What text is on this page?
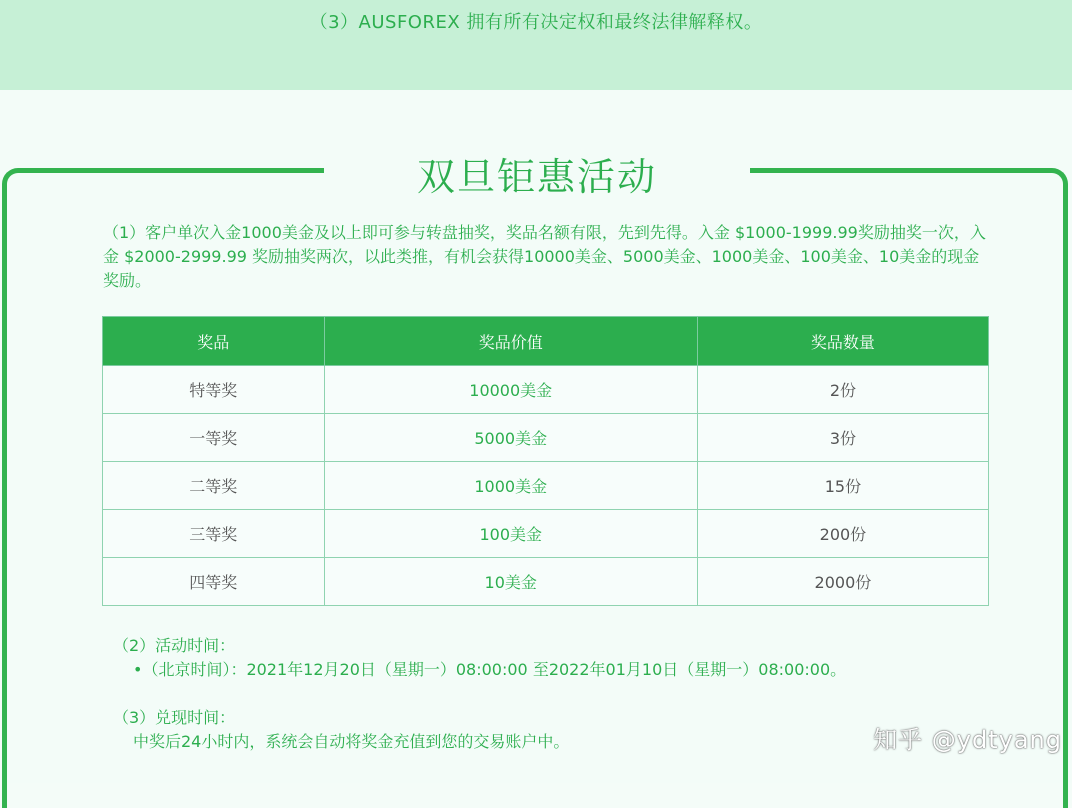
（3）AUSFOREX 拥有所有决定权和最终法律解释权。
双旦钜惠活动
（1）客户单次入金1000美金及以上即可参与转盘抽奖，奖品名额有限，先到先得。入金 $1000-1999.99奖励抽奖一次，入金 $2000-2999.99 奖励抽奖两次，以此类推，有机会获得10000美金、5000美金、1000美金、100美金、10美金的现金奖励。
奖品	奖品价值	奖品数量
特等奖	10000美金	2份
一等奖	5000美金	3份
二等奖	1000美金	15份
三等奖	100美金	200份
四等奖	10美金	2000份
（2）活动时间：
•（北京时间）：2021年12月20日（星期一）08:00:00 至2022年01月10日（星期一）08:00:00。
（3）兑现时间：
中奖后24小时内，系统会自动将奖金充值到您的交易账户中。
知乎 @ydtyang
